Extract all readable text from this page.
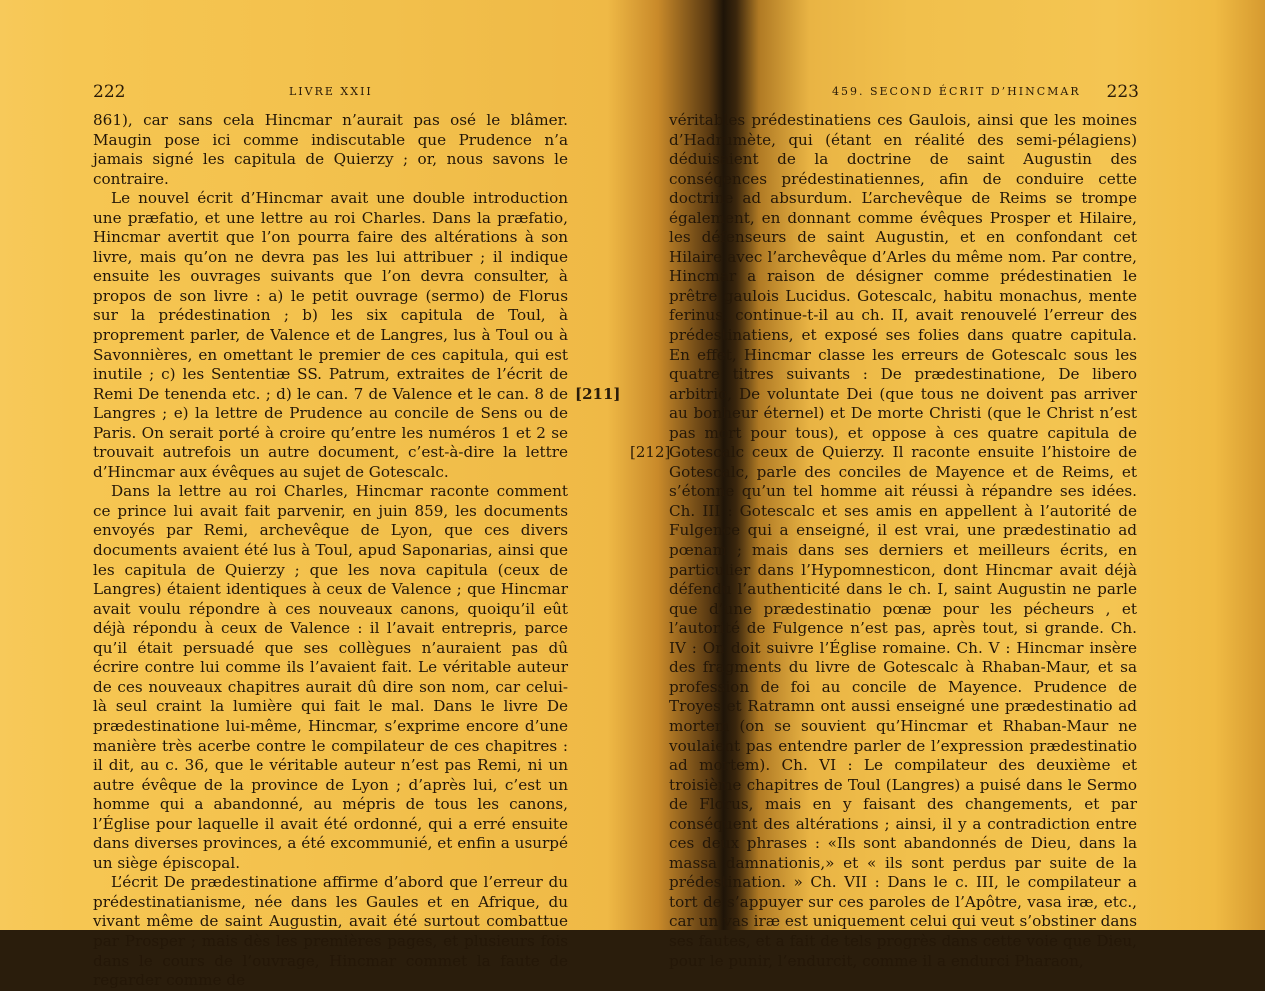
222	LIVRE XXII

861), car sans cela Hincmar n’aurait pas osé le blâmer. Maugin pose ici comme indiscutable que Prudence n’a jamais signé les capitula de Quierzy ; or, nous savons le contraire.

Le nouvel écrit d’Hincmar avait une double introduction une præfatio, et une lettre au roi Charles. Dans la præfatio, Hincmar avertit que l’on pourra faire des altérations à son livre, mais qu’on ne devra pas les lui attribuer ; il indique ensuite les ouvrages suivants que l’on devra consulter, à propos de son livre : a) le petit ouvrage (sermo) de Florus sur la prédestination ; b) les six capitula de Toul, à proprement parler, de Valence et de Langres, lus à Toul ou à Savonnières, en omettant le premier de ces capitula, qui est inutile ; c) les Sententiæ SS. Patrum, extraites de l’écrit de Remi De tenenda etc. ; d) le can. 7 de Valence et le can. 8 de Langres ; e) la lettre de Prudence au concile de Sens ou de Paris. On serait porté à croire qu’entre les numéros 1 et 2 se trouvait autrefois un autre document, c’est-à-dire la lettre d’Hincmar aux évêques au sujet de Gotescalc.

Dans la lettre au roi Charles, Hincmar raconte comment ce prince lui avait fait parvenir, en juin 859, les documents envoyés par Remi, archevêque de Lyon, que ces divers documents avaient été lus à Toul, apud Saponarias, ainsi que les capitula de Quierzy ; que les nova capitula (ceux de Langres) étaient identiques à ceux de Valence ; que Hincmar avait voulu répondre à ces nouveaux canons, quoiqu’il eût déjà répondu à ceux de Valence : il l’avait entrepris, parce qu’il était persuadé que ses collègues n’auraient pas dû écrire contre lui comme ils l’avaient fait. Le véritable auteur de ces nouveaux chapitres aurait dû dire son nom, car celui-là seul craint la lumière qui fait le mal. Dans le livre De prædestinatione lui-même, Hincmar, s’exprime encore d’une manière très acerbe contre le compilateur de ces chapitres : il dit, au c. 36, que le véritable auteur n’est pas Remi, ni un autre évêque de la province de Lyon ; d’après lui, c’est un homme qui a abandonné, au mépris de tous les canons, l’Église pour laquelle il avait été ordonné, qui a erré ensuite dans diverses provinces, a été excommunié, et enfin a usurpé un siège épiscopal.

L’écrit De prædestinatione affirme d’abord que l’erreur du prédestinatianisme, née dans les Gaules et en Afrique, du vivant même de saint Augustin, avait été surtout combattue par Prosper ; mais dès les premières pages, et plusieurs fois dans le cours de l’ouvrage, Hincmar commet la faute de regarder comme de

459. SECOND ÉCRIT D’HINCMAR 223

véritables prédestinatiens ces Gaulois, ainsi que les moines d’Hadrumète, qui (étant en réalité des semi-pélagiens) déduisaient de la doctrine de saint Augustin des conséqences prédestinatiennes, afin de conduire cette doctrine ad absurdum. L’archevêque de Reims se trompe également, en donnant comme évêques Prosper et Hilaire, les défenseurs de saint Augustin, et en confondant cet Hilaire avec l’archevêque d’Arles du même nom. Par contre, Hincmar a raison de désigner comme prédestinatien le prêtre gaulois Lucidus. Gotescalc, habitu monachus, mente ferinus, continue-t-il au ch. II, avait renouvelé l’erreur des prédestinatiens, et exposé ses folies dans quatre capitula. En effet, Hincmar classe les erreurs de Gotescalc sous les quatre titres suivants : De prædestinatione, De libero arbitrio, De voluntate Dei (que tous ne doivent pas arriver au bonheur éternel) et De morte Christi (que le Christ n’est pas mort pour tous), et oppose à ces quatre capitula de Gotescalc ceux de Quierzy. Il raconte ensuite l’histoire de Gotescalc, parle des conciles de Mayence et de Reims, et s’étonne qu’un tel homme ait réussi à répandre ses idées. Ch. III : Gotescalc et ses amis en appellent à l’autorité de Fulgence qui a enseigné, il est vrai, une prædestinatio ad pœnam ; mais dans ses derniers et meilleurs écrits, en particulier dans l’Hypomnesticon, dont Hincmar avait déjà défendu l’authenticité dans le ch. I, saint Augustin ne parle que d’une prædestinatio pœnæ pour les pécheurs , et l’autorité de Fulgence n’est pas, après tout, si grande. Ch. IV : On doit suivre l’Église romaine. Ch. V : Hincmar insère des fragments du livre de Gotescalc à Rhaban-Maur, et sa profession de foi au concile de Mayence. Prudence de Troyes et Ratramn ont aussi enseigné une prædestinatio ad mortem (on se souvient qu’Hincmar et Rhaban-Maur ne voulaient pas entendre parler de l’expression prædestinatio ad mortem). Ch. VI : Le compilateur des deuxième et troisième chapitres de Toul (Langres) a puisé dans le Sermo de Florus, mais en y faisant des changements, et par conséquent des altérations ; ainsi, il y a contradiction entre ces deux phrases : «Ils sont abandonnés de Dieu, dans la massa damnationis,» et « ils sont perdus par suite de la prédestination. » Ch. VII : Dans le c. III, le compilateur a tort de s’appuyer sur ces paroles de l’Apôtre, vasa iræ, etc., car un vas iræ est uniquement celui qui veut s’obstiner dans ses fautes, et a fait de tels progrès dans cette voie que Dieu, pour le punir, l’endurcit, comme il a endurci Pharaon,

[211]
[212]
